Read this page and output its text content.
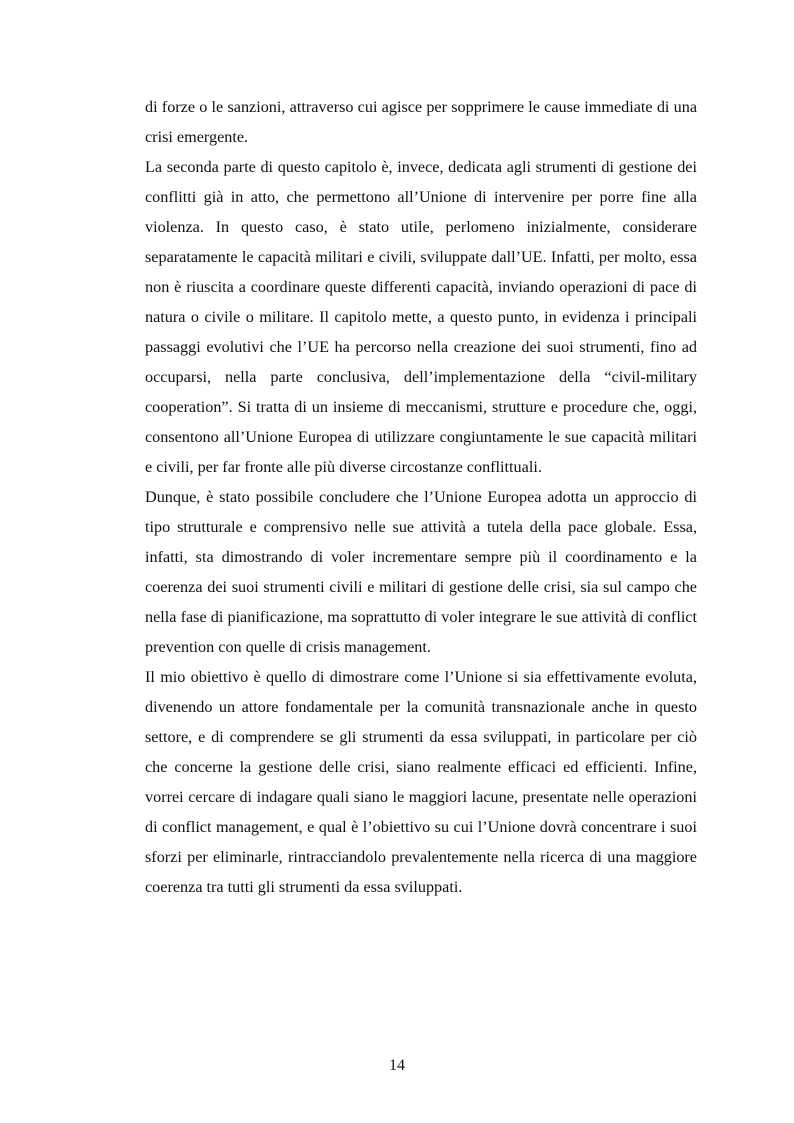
di forze o le sanzioni, attraverso cui agisce per sopprimere le cause immediate di una crisi emergente.

La seconda parte di questo capitolo è, invece, dedicata agli strumenti di gestione dei conflitti già in atto, che permettono all’Unione di intervenire per porre fine alla violenza. In questo caso, è stato utile, perlomeno inizialmente, considerare separatamente le capacità militari e civili, sviluppate dall’UE. Infatti, per molto, essa non è riuscita a coordinare queste differenti capacità, inviando operazioni di pace di natura o civile o militare. Il capitolo mette, a questo punto, in evidenza i principali passaggi evolutivi che l’UE ha percorso nella creazione dei suoi strumenti, fino ad occuparsi, nella parte conclusiva, dell’implementazione della “civil-military cooperation”. Si tratta di un insieme di meccanismi, strutture e procedure che, oggi, consentono all’Unione Europea di utilizzare congiuntamente le sue capacità militari e civili, per far fronte alle più diverse circostanze conflittuali.

Dunque, è stato possibile concludere che l’Unione Europea adotta un approccio di tipo strutturale e comprensivo nelle sue attività a tutela della pace globale. Essa, infatti, sta dimostrando di voler incrementare sempre più il coordinamento e la coerenza dei suoi strumenti civili e militari di gestione delle crisi, sia sul campo che nella fase di pianificazione, ma soprattutto di voler integrare le sue attività di conflict prevention con quelle di crisis management.

Il mio obiettivo è quello di dimostrare come l’Unione si sia effettivamente evoluta, divenendo un attore fondamentale per la comunità transnazionale anche in questo settore, e di comprendere se gli strumenti da essa sviluppati, in particolare per ciò che concerne la gestione delle crisi, siano realmente efficaci ed efficienti. Infine, vorrei cercare di indagare quali siano le maggiori lacune, presentate nelle operazioni di conflict management, e qual è l’obiettivo su cui l’Unione dovrà concentrare i suoi sforzi per eliminarle, rintracciandolo prevalentemente nella ricerca di una maggiore coerenza tra tutti gli strumenti da essa sviluppati.

14
